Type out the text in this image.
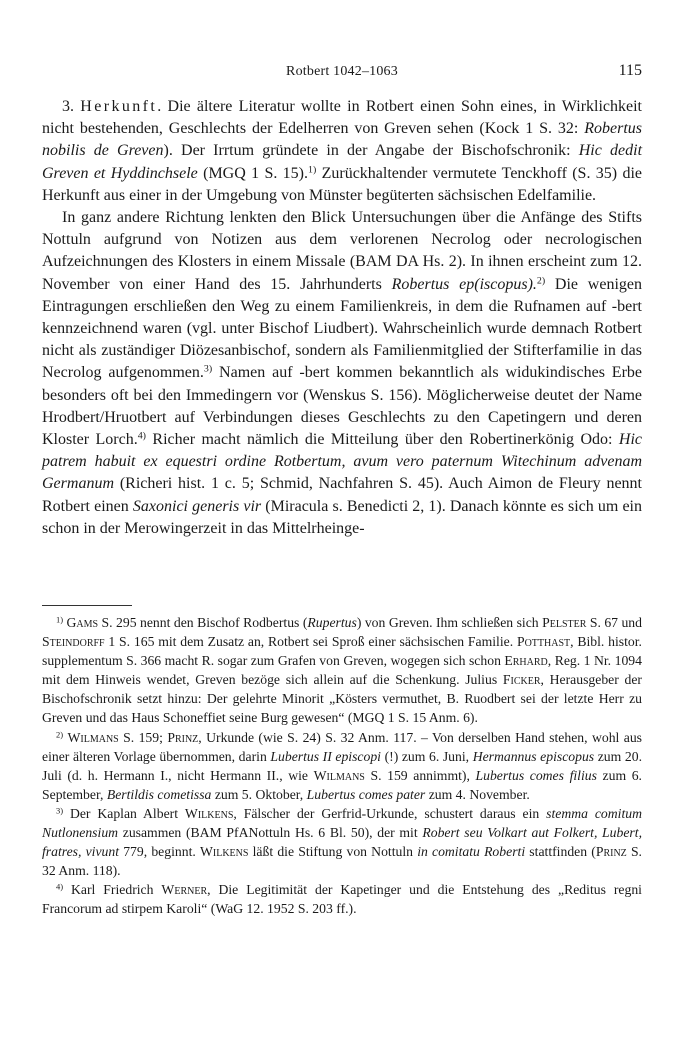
Rotbert 1042–1063	115

3. Herkunft. Die ältere Literatur wollte in Rotbert einen Sohn eines, in Wirklichkeit nicht bestehenden, Geschlechts der Edelherren von Greven sehen (Kock 1 S. 32: Robertus nobilis de Greven). Der Irrtum gründete in der Angabe der Bischofschronik: Hic dedit Greven et Hyddinchsele (MGQ 1 S. 15).$^{1)}$ Zurückhaltender vermutete Tenckhoff (S. 35) die Herkunft aus einer in der Umgebung von Münster begüterten sächsischen Edelfamilie.

In ganz andere Richtung lenkten den Blick Untersuchungen über die Anfänge des Stifts Nottuln aufgrund von Notizen aus dem verlorenen Necrolog oder necrologischen Aufzeichnungen des Klosters in einem Missale (BAM DA Hs. 2). In ihnen erscheint zum 12. November von einer Hand des 15. Jahrhunderts Robertus ep(iscopus).$^{2)}$ Die wenigen Eintragungen erschließen den Weg zu einem Familienkreis, in dem die Rufnamen auf -bert kennzeichnend waren (vgl. unter Bischof Liudbert). Wahrscheinlich wurde demnach Rotbert nicht als zuständiger Diözesanbischof, sondern als Familienmitglied der Stifterfamilie in das Necrolog aufgenommen.$^{3)}$ Namen auf -bert kommen bekanntlich als widukindisches Erbe besonders oft bei den Immedingern vor (Wenskus S. 156). Möglicherweise deutet der Name Hrodbert/Hruotbert auf Verbindungen dieses Geschlechts zu den Capetingern und deren Kloster Lorch.$^{4)}$ Richer macht nämlich die Mitteilung über den Robertinerkönig Odo: Hic patrem habuit ex equestri ordine Rotbertum, avum vero paternum Witechinum advenam Germanum (Richeri hist. 1 c. 5; Schmid, Nachfahren S. 45). Auch Aimon de Fleury nennt Rotbert einen Saxonici generis vir (Miracula s. Benedicti 2, 1). Danach könnte es sich um ein schon in der Merowingerzeit in das Mittelrheinge-

$^{1)}$ Gams S. 295 nennt den Bischof Rodbertus (Rupertus) von Greven. Ihm schließen sich Pelster S. 67 und Steindorff 1 S. 165 mit dem Zusatz an, Rotbert sei Sproß einer sächsischen Familie. Potthast, Bibl. histor. supplementum S. 366 macht R. sogar zum Grafen von Greven, wogegen sich schon Erhard, Reg. 1 Nr. 1094 mit dem Hinweis wendet, Greven bezöge sich allein auf die Schenkung. Julius Ficker, Herausgeber der Bischofschronik setzt hinzu: Der gelehrte Minorit „Kösters vermuthet, B. Ruodbert sei der letzte Herr zu Greven und das Haus Schoneffiet seine Burg gewesen“ (MGQ 1 S. 15 Anm. 6).

$^{2)}$ Wilmans S. 159; Prinz, Urkunde (wie S. 24) S. 32 Anm. 117. – Von derselben Hand stehen, wohl aus einer älteren Vorlage übernommen, darin Lubertus II episcopi (!) zum 6. Juni, Hermannus episcopus zum 20. Juli (d. h. Hermann I., nicht Hermann II., wie Wilmans S. 159 annimmt), Lubertus comes filius zum 6. September, Bertildis cometissa zum 5. Oktober, Lubertus comes pater zum 4. November.

$^{3)}$ Der Kaplan Albert Wilkens, Fälscher der Gerfrid-Urkunde, schustert daraus ein stemma comitum Nutlonensium zusammen (BAM PfANottuln Hs. 6 Bl. 50), der mit Robert seu Volkart aut Folkert, Lubert, fratres, vivunt 779, beginnt. Wilkens läßt die Stiftung von Nottuln in comitatu Roberti stattfinden (Prinz S. 32 Anm. 118).

$^{4)}$ Karl Friedrich Werner, Die Legitimität der Kapetinger und die Entstehung des „Reditus regni Francorum ad stirpem Karoli“ (WaG 12. 1952 S. 203 ff.).
